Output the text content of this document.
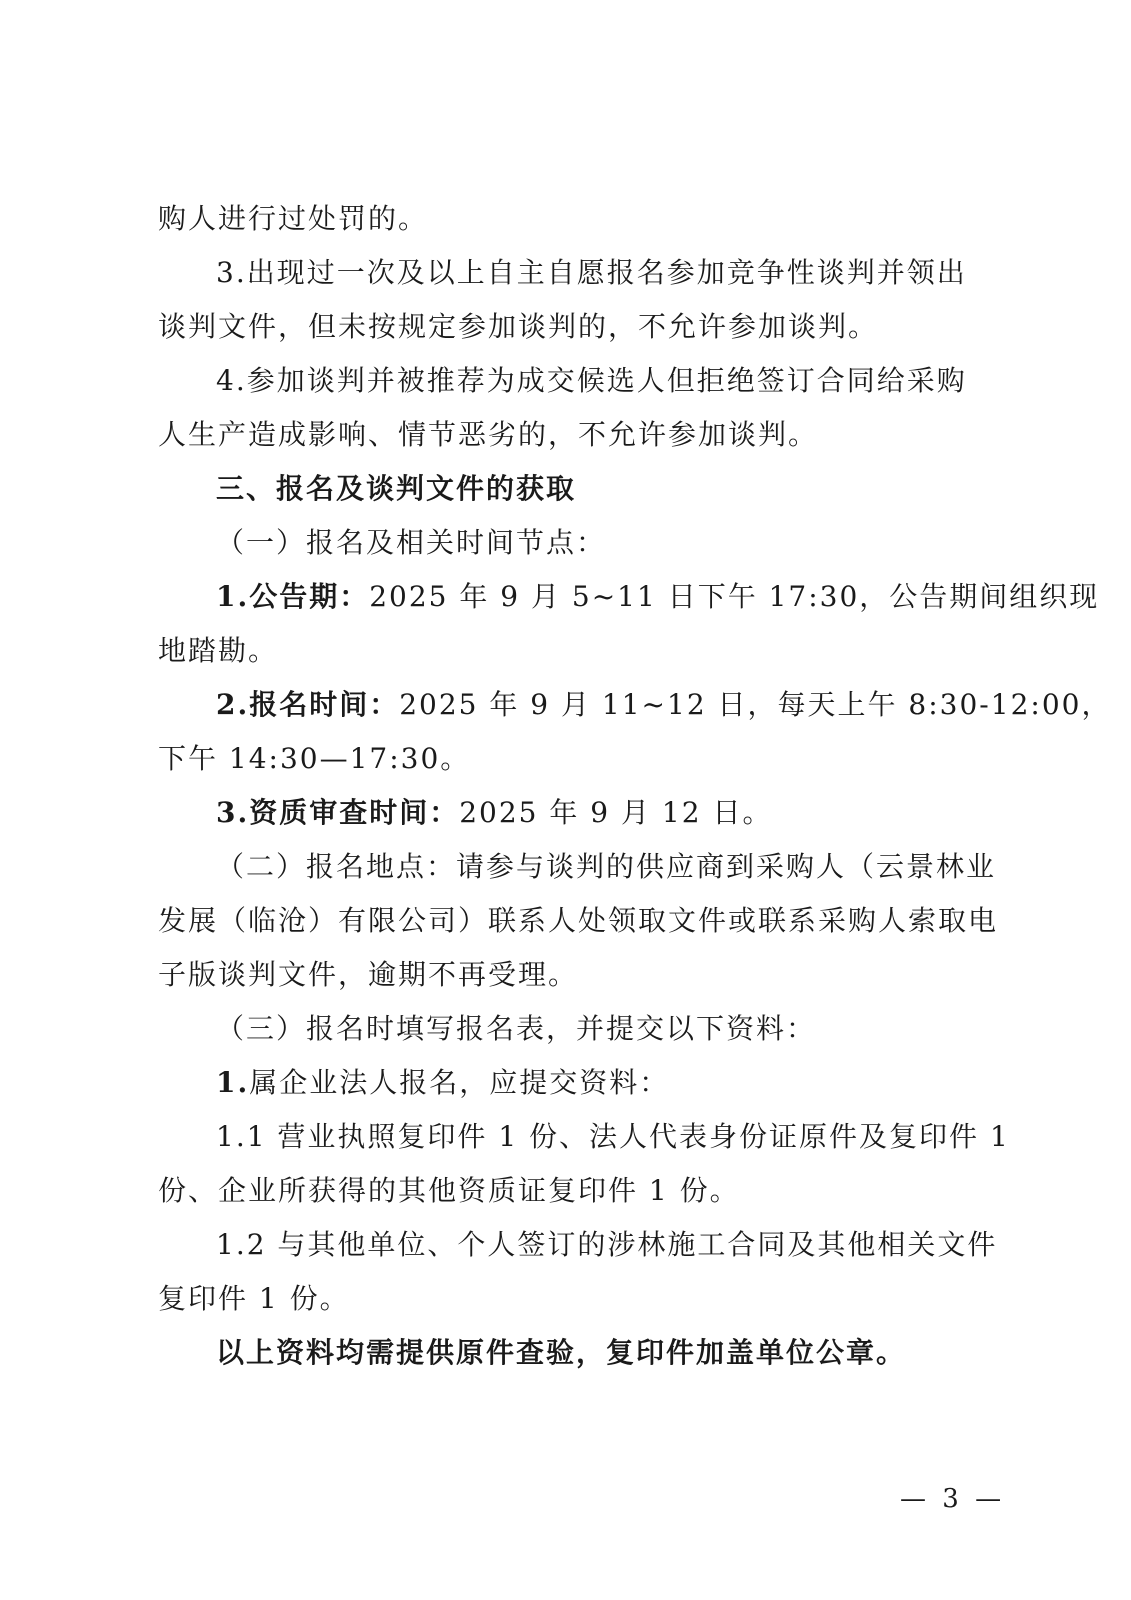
购人进行过处罚的。
3.出现过一次及以上自主自愿报名参加竞争性谈判并领出
谈判文件，但未按规定参加谈判的，不允许参加谈判。
4.参加谈判并被推荐为成交候选人但拒绝签订合同给采购
人生产造成影响、情节恶劣的，不允许参加谈判。
三、报名及谈判文件的获取
（一）报名及相关时间节点：
1.公告期：2025 年 9 月 5~11 日下午 17:30，公告期间组织现
地踏勘。
2.报名时间：2025 年 9 月 11~12 日，每天上午 8:30-12:00，
下午 14:30—17:30。
3.资质审查时间：2025 年 9 月 12 日。
（二）报名地点：请参与谈判的供应商到采购人（云景林业
发展（临沧）有限公司）联系人处领取文件或联系采购人索取电
子版谈判文件，逾期不再受理。
（三）报名时填写报名表，并提交以下资料：
1.属企业法人报名，应提交资料：
1.1 营业执照复印件 1 份、法人代表身份证原件及复印件 1
份、企业所获得的其他资质证复印件 1 份。
1.2 与其他单位、个人签订的涉林施工合同及其他相关文件
复印件 1 份。
以上资料均需提供原件查验，复印件加盖单位公章。
— 3 —
